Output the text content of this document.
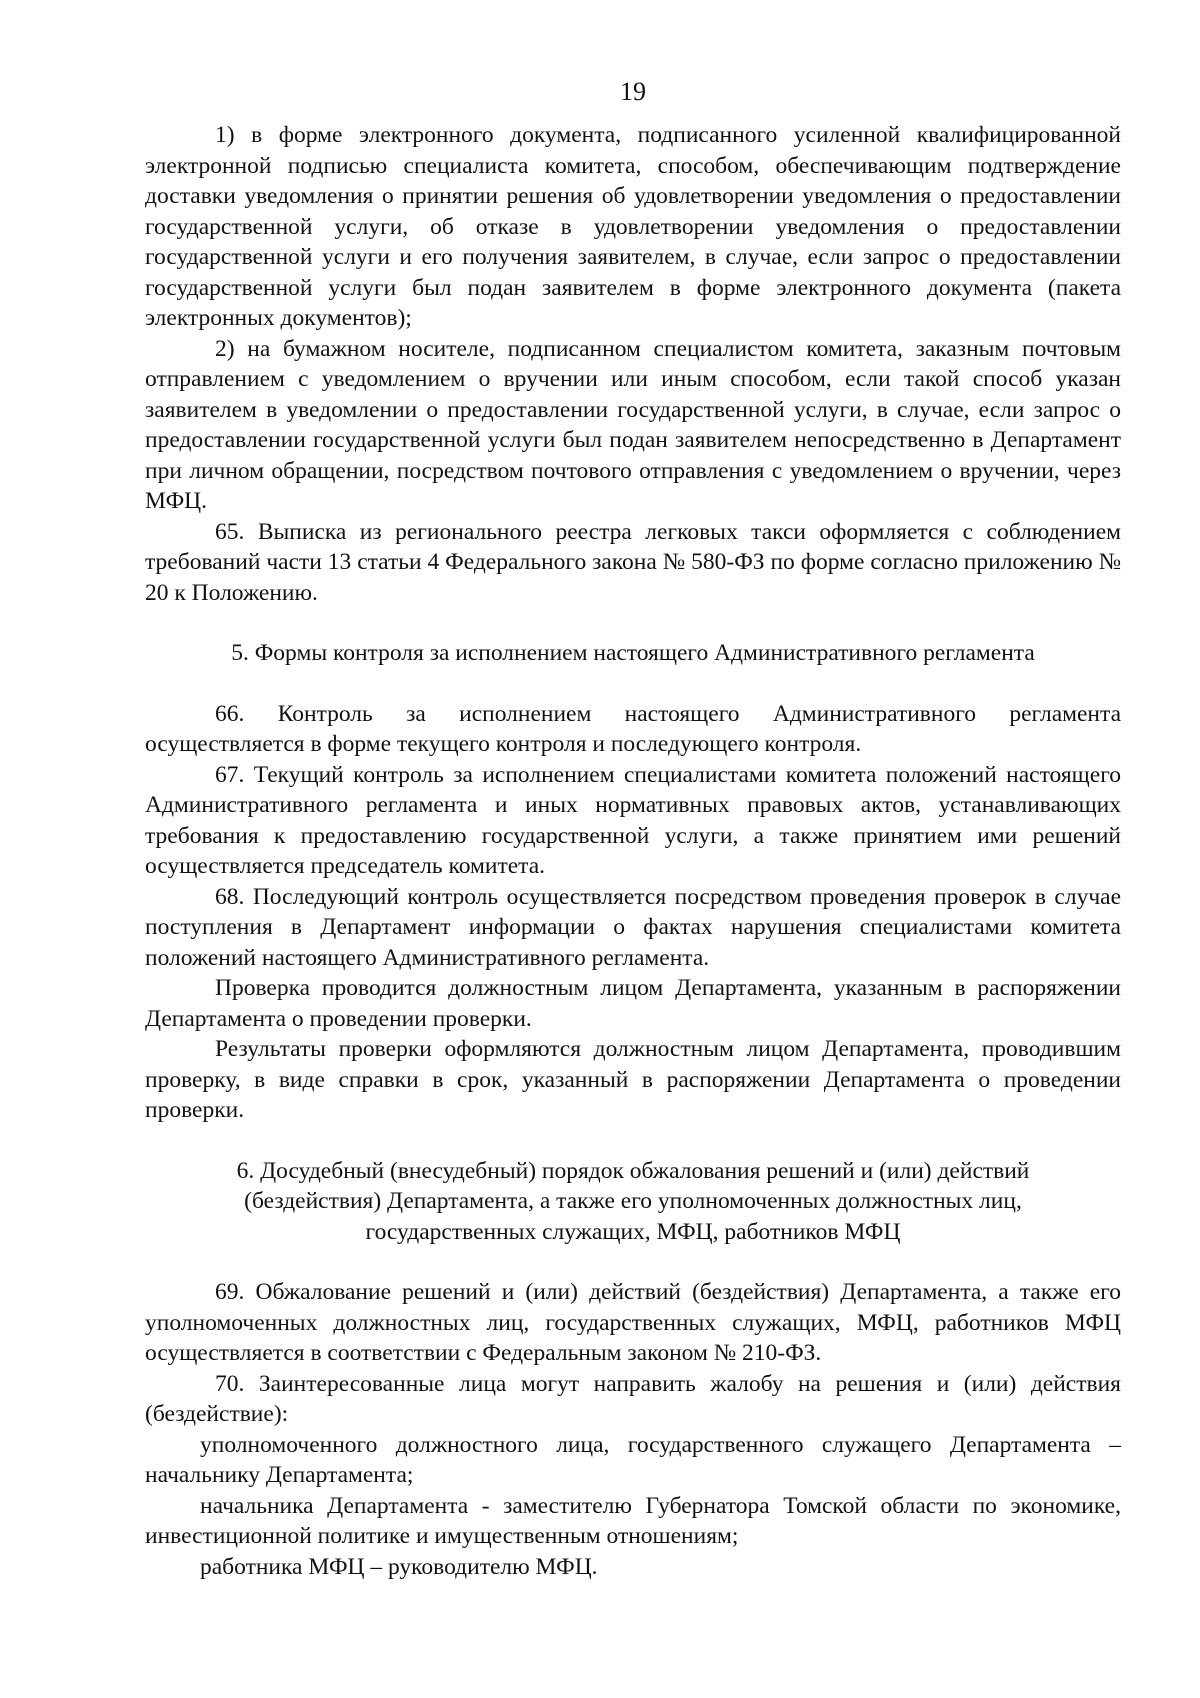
19

1) в форме электронного документа, подписанного усиленной квалифицированной электронной подписью специалиста комитета, способом, обеспечивающим подтверждение доставки уведомления о принятии решения об удовлетворении уведомления о предоставлении государственной услуги, об отказе в удовлетворении уведомления о предоставлении государственной услуги и его получения заявителем, в случае, если запрос о предоставлении государственной услуги был подан заявителем в форме электронного документа (пакета электронных документов);

2) на бумажном носителе, подписанном специалистом комитета, заказным почтовым отправлением с уведомлением о вручении или иным способом, если такой способ указан заявителем в уведомлении о предоставлении государственной услуги, в случае, если запрос о предоставлении государственной услуги был подан заявителем непосредственно в Департамент при личном обращении, посредством почтового отправления с уведомлением о вручении, через МФЦ.

65. Выписка из регионального реестра легковых такси оформляется с соблюдением требований части 13 статьи 4 Федерального закона № 580-ФЗ по форме согласно приложению № 20 к Положению.

5. Формы контроля за исполнением настоящего Административного регламента

66. Контроль за исполнением настоящего Административного регламента осуществляется в форме текущего контроля и последующего контроля.

67. Текущий контроль за исполнением специалистами комитета положений настоящего Административного регламента и иных нормативных правовых актов, устанавливающих требования к предоставлению государственной услуги, а также принятием ими решений осуществляется председатель комитета.

68. Последующий контроль осуществляется посредством проведения проверок в случае поступления в Департамент информации о фактах нарушения специалистами комитета положений настоящего Административного регламента.

Проверка проводится должностным лицом Департамента, указанным в распоряжении Департамента о проведении проверки.

Результаты проверки оформляются должностным лицом Департамента, проводившим проверку, в виде справки в срок, указанный в распоряжении Департамента о проведении проверки.

6. Досудебный (внесудебный) порядок обжалования решений и (или) действий

(бездействия) Департамента, а также его уполномоченных должностных лиц,

государственных служащих, МФЦ, работников МФЦ

69. Обжалование решений и (или) действий (бездействия) Департамента, а также его уполномоченных должностных лиц, государственных служащих, МФЦ, работников МФЦ осуществляется в соответствии с Федеральным законом № 210-ФЗ.

70. Заинтересованные лица могут направить жалобу на решения и (или) действия (бездействие):

уполномоченного должностного лица, государственного служащего Департамента – начальнику Департамента;

начальника Департамента - заместителю Губернатора Томской области по экономике, инвестиционной политике и имущественным отношениям;

работника МФЦ – руководителю МФЦ.
